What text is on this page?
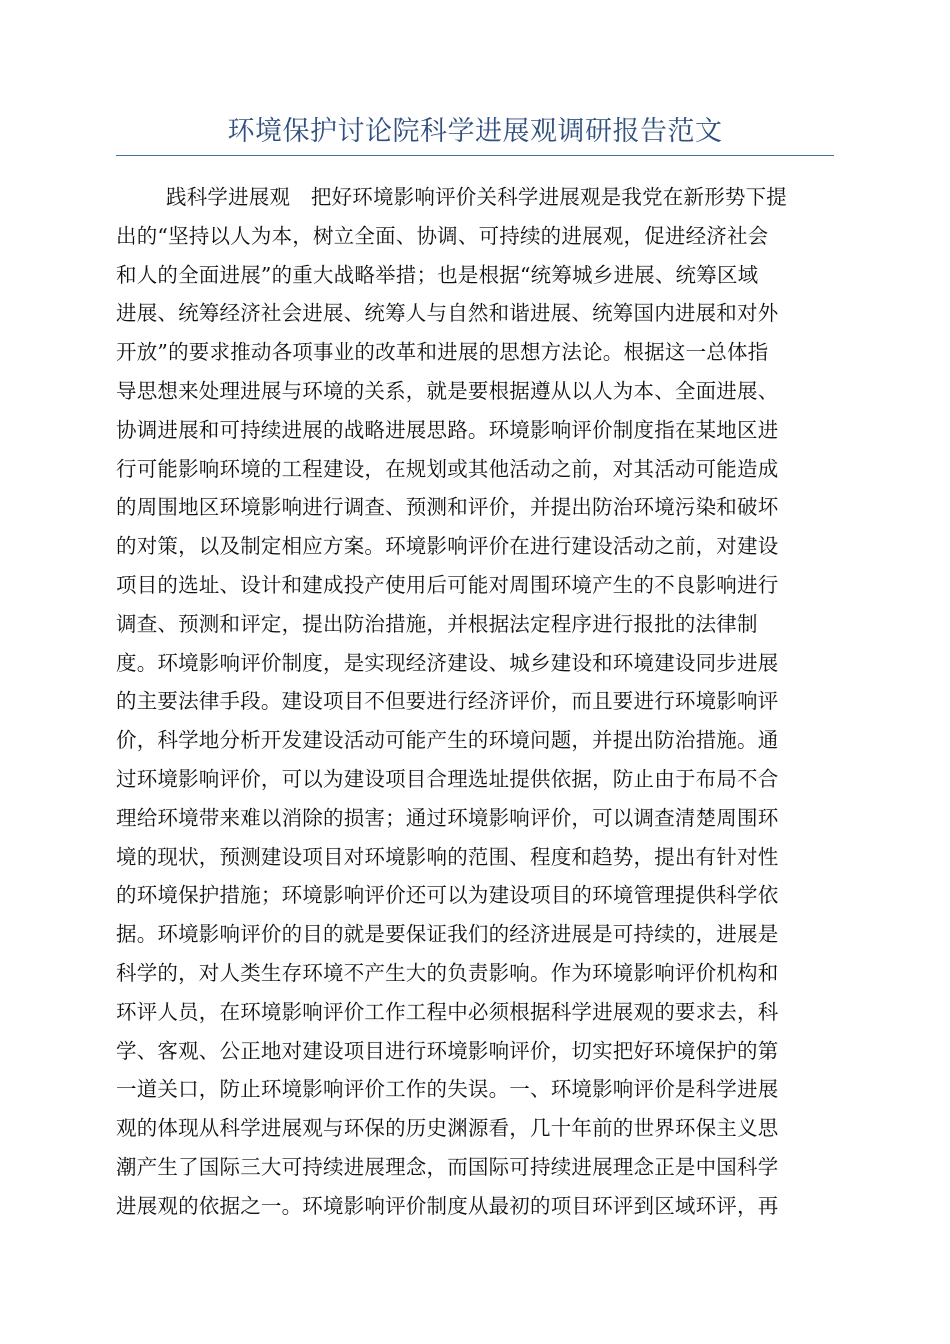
环境保护讨论院科学进展观调研报告范文
践科学进展观　把好环境影响评价关科学进展观是我党在新形势下提
出的“坚持以人为本，树立全面、协调、可持续的进展观，促进经济社会
和人的全面进展”的重大战略举措；也是根据“统筹城乡进展、统筹区域
进展、统筹经济社会进展、统筹人与自然和谐进展、统筹国内进展和对外
开放”的要求推动各项事业的改革和进展的思想方法论。根据这一总体指
导思想来处理进展与环境的关系，就是要根据遵从以人为本、全面进展、
协调进展和可持续进展的战略进展思路。环境影响评价制度指在某地区进
行可能影响环境的工程建设，在规划或其他活动之前，对其活动可能造成
的周围地区环境影响进行调查、预测和评价，并提出防治环境污染和破坏
的对策，以及制定相应方案。环境影响评价在进行建设活动之前，对建设
项目的选址、设计和建成投产使用后可能对周围环境产生的不良影响进行
调查、预测和评定，提出防治措施，并根据法定程序进行报批的法律制
度。环境影响评价制度，是实现经济建设、城乡建设和环境建设同步进展
的主要法律手段。建设项目不但要进行经济评价，而且要进行环境影响评
价，科学地分析开发建设活动可能产生的环境问题，并提出防治措施。通
过环境影响评价，可以为建设项目合理选址提供依据，防止由于布局不合
理给环境带来难以消除的损害；通过环境影响评价，可以调查清楚周围环
境的现状，预测建设项目对环境影响的范围、程度和趋势，提出有针对性
的环境保护措施；环境影响评价还可以为建设项目的环境管理提供科学依
据。环境影响评价的目的就是要保证我们的经济进展是可持续的，进展是
科学的，对人类生存环境不产生大的负责影响。作为环境影响评价机构和
环评人员，在环境影响评价工作工程中必须根据科学进展观的要求去，科
学、客观、公正地对建设项目进行环境影响评价，切实把好环境保护的第
一道关口，防止环境影响评价工作的失误。一、环境影响评价是科学进展
观的体现从科学进展观与环保的历史渊源看，几十年前的世界环保主义思
潮产生了国际三大可持续进展理念，而国际可持续进展理念正是中国科学
进展观的依据之一。环境影响评价制度从最初的项目环评到区域环评，再
